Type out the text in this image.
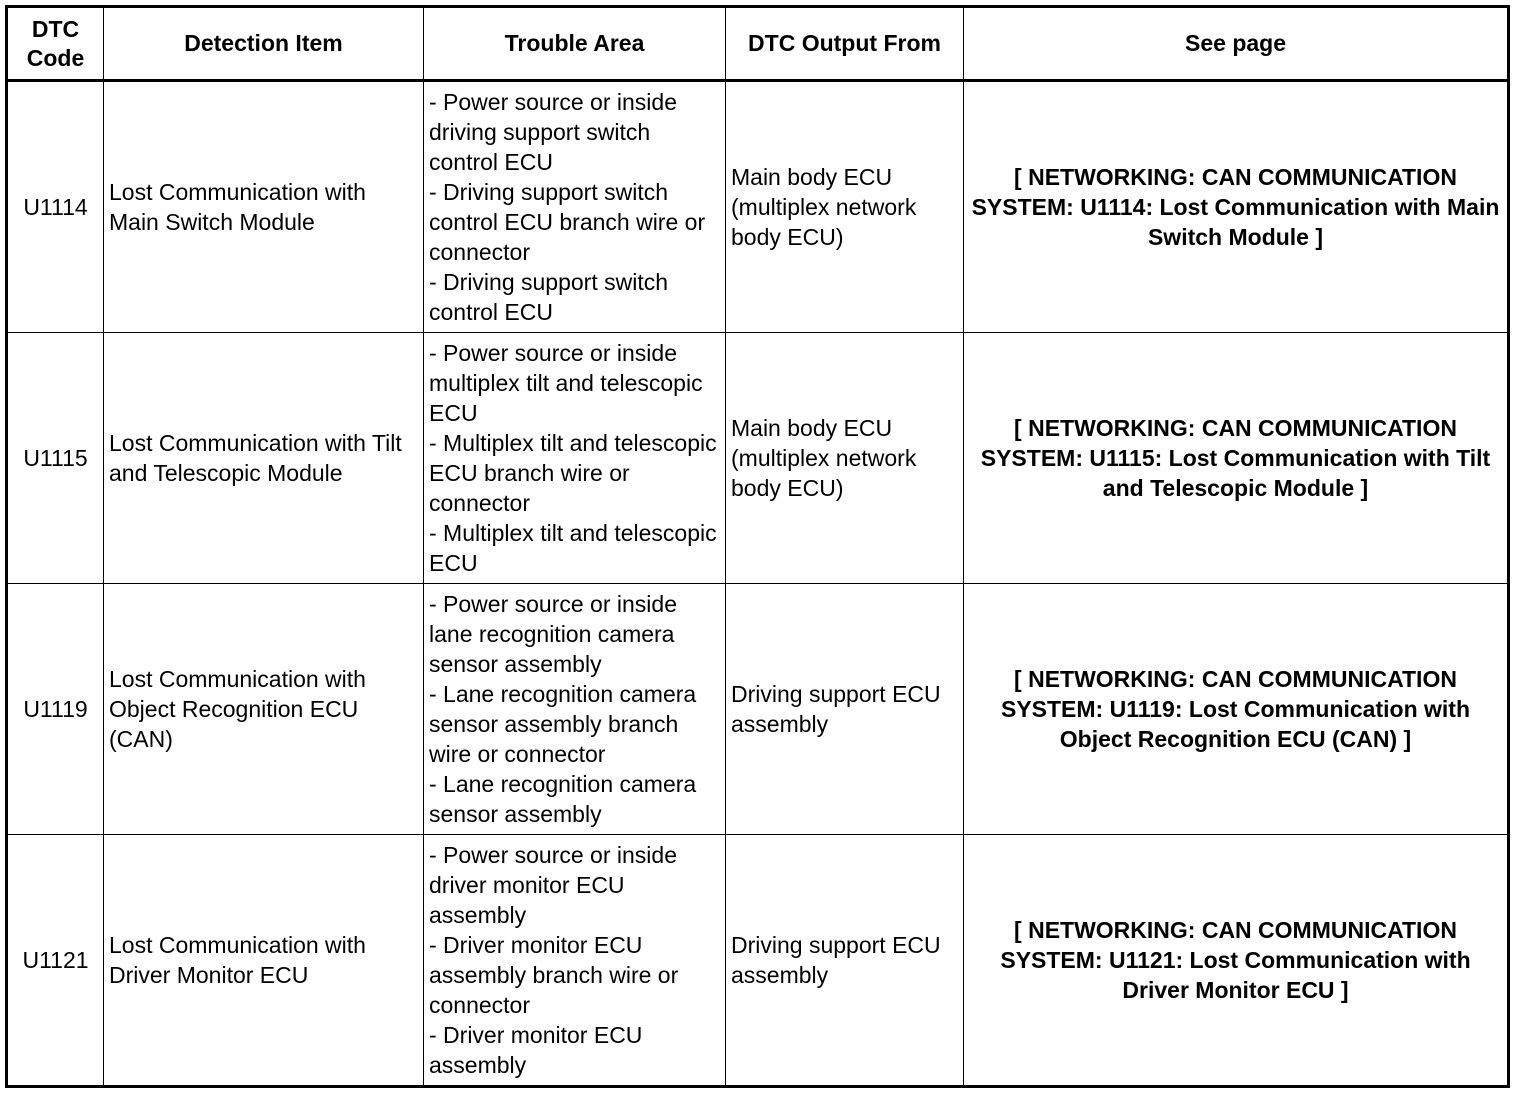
DTC
Code	Detection Item	Trouble Area	DTC Output From	See page
U1114	Lost Communication with Main Switch Module	- Power source or inside driving support switch control ECU
- Driving support switch control ECU branch wire or connector
- Driving support switch control ECU	Main body ECU (multiplex network body ECU)	[ NETWORKING: CAN COMMUNICATION SYSTEM: U1114: Lost Communication with Main Switch Module ]
U1115	Lost Communication with Tilt and Telescopic Module	- Power source or inside multiplex tilt and telescopic ECU
- Multiplex tilt and telescopic ECU branch wire or connector
- Multiplex tilt and telescopic ECU	Main body ECU (multiplex network body ECU)	[ NETWORKING: CAN COMMUNICATION SYSTEM: U1115: Lost Communication with Tilt and Telescopic Module ]
U1119	Lost Communication with Object Recognition ECU (CAN)	- Power source or inside lane recognition camera sensor assembly
- Lane recognition camera sensor assembly branch wire or connector
- Lane recognition camera sensor assembly	Driving support ECU assembly	[ NETWORKING: CAN COMMUNICATION SYSTEM: U1119: Lost Communication with Object Recognition ECU (CAN) ]
U1121	Lost Communication with Driver Monitor ECU	- Power source or inside driver monitor ECU assembly
- Driver monitor ECU assembly branch wire or connector
- Driver monitor ECU assembly	Driving support ECU assembly	[ NETWORKING: CAN COMMUNICATION SYSTEM: U1121: Lost Communication with Driver Monitor ECU ]
